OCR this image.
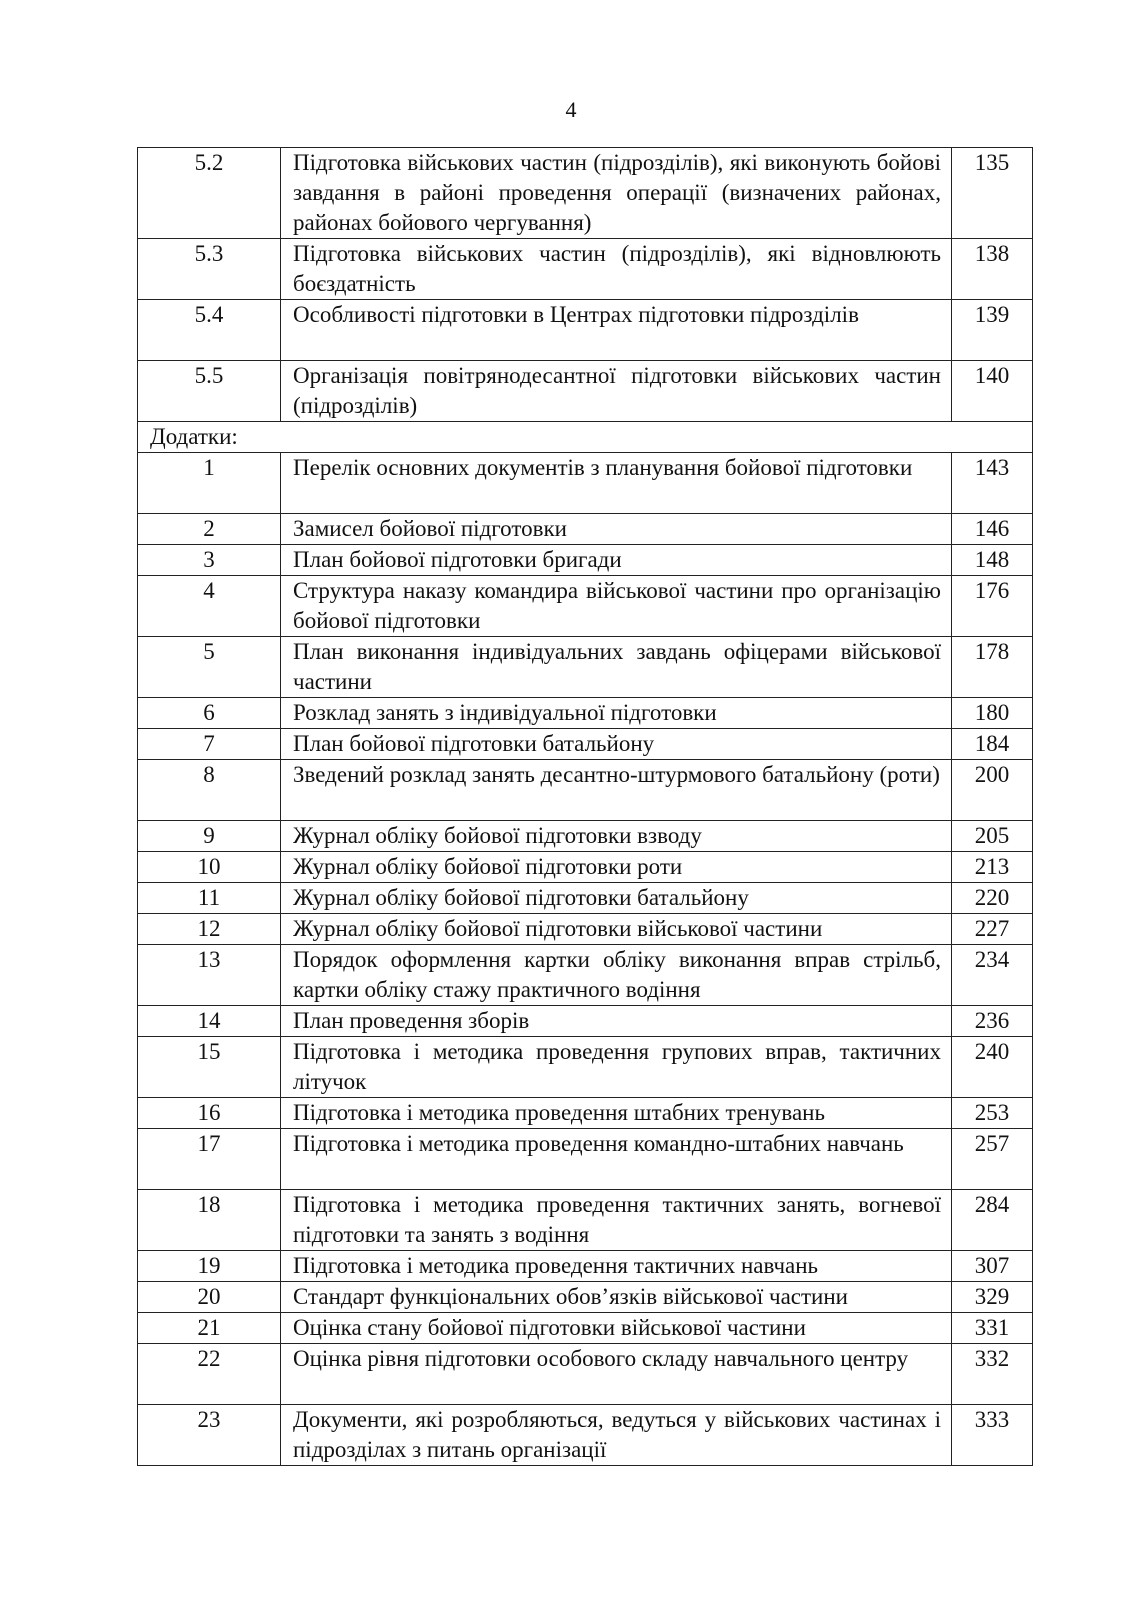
4
5.2	Підготовка військових частин (підрозділів), які виконують бойові завдання в районі проведення операції (визначених районах, районах бойового чергування)	135
5.3	Підготовка військових частин (підрозділів), які відновлюють боєздатність	138
5.4	Особливості підготовки в Центрах підготовки підрозділів	139
5.5	Організація повітрянодесантної підготовки військових частин (підрозділів)	140
Додатки:		
1	Перелік основних документів з планування бойової підготовки	143
2	Замисел бойової підготовки	146
3	План бойової підготовки бригади	148
4	Структура наказу командира військової частини про організацію бойової підготовки	176
5	План виконання індивідуальних завдань офіцерами військової частини	178
6	Розклад занять з індивідуальної підготовки	180
7	План бойової підготовки батальйону	184
8	Зведений розклад занять десантно-штурмового батальйону (роти)	200
9	Журнал обліку бойової підготовки взводу	205
10	Журнал обліку бойової підготовки роти	213
11	Журнал обліку бойової підготовки батальйону	220
12	Журнал обліку бойової підготовки військової частини	227
13	Порядок оформлення картки обліку виконання вправ стрільб, картки обліку стажу практичного водіння	234
14	План проведення зборів	236
15	Підготовка і методика проведення групових вправ, тактичних літучок	240
16	Підготовка і методика проведення штабних тренувань	253
17	Підготовка і методика проведення командно-штабних навчань	257
18	Підготовка і методика проведення тактичних занять, вогневої підготовки та занять з водіння	284
19	Підготовка і методика проведення тактичних навчань	307
20	Стандарт функціональних обов’язків військової частини	329
21	Оцінка стану бойової підготовки військової частини	331
22	Оцінка рівня підготовки особового складу навчального центру	332
23	Документи, які розробляються, ведуться у військових частинах і підрозділах з питань організації	333
